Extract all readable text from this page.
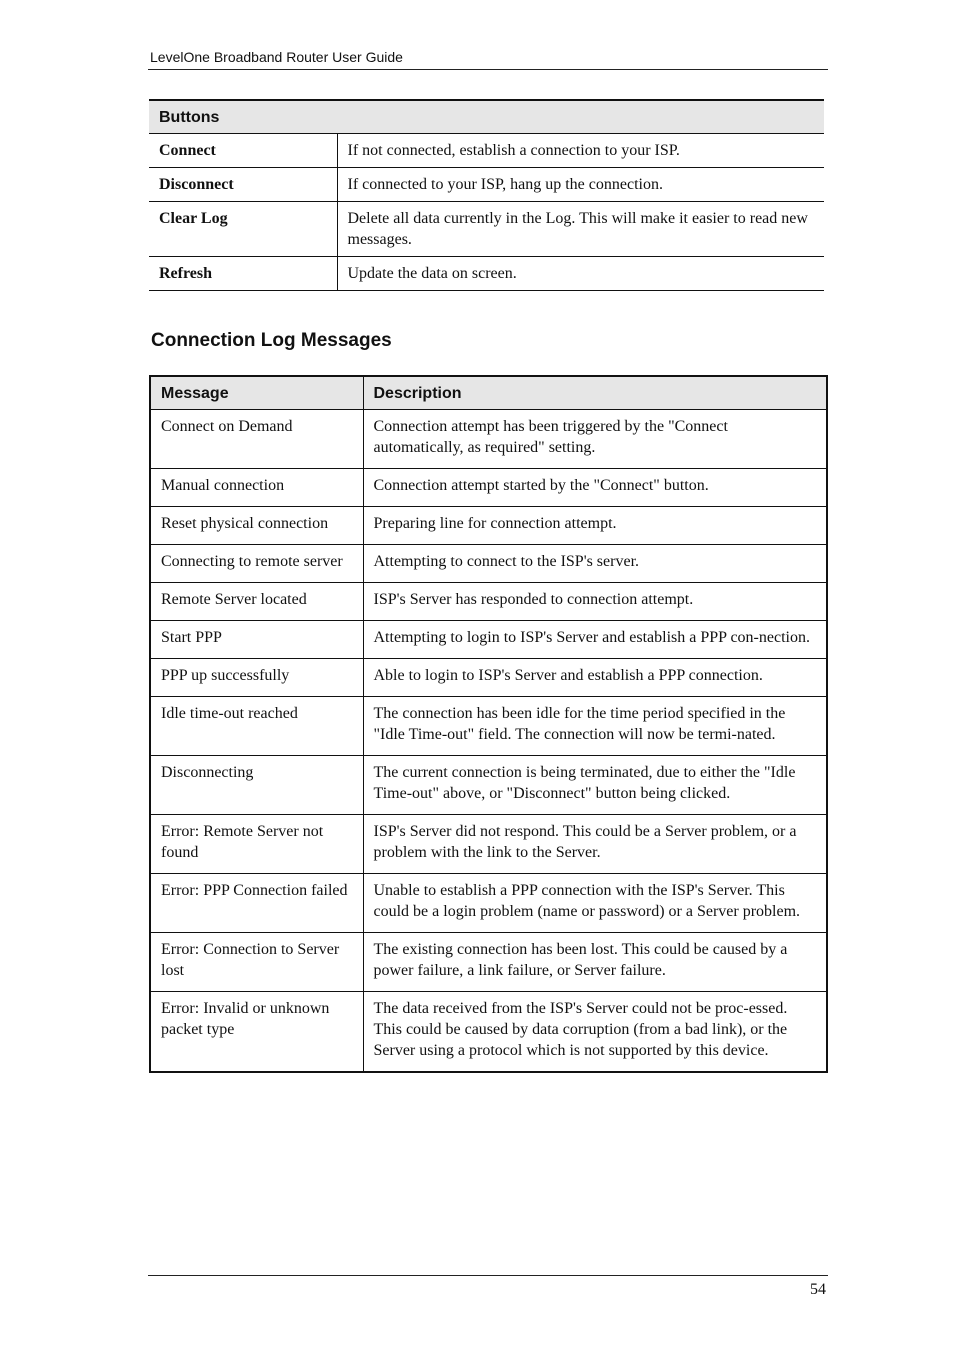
LevelOne Broadband Router User Guide
Buttons	
Connect	If not connected, establish a connection to your ISP.
Disconnect	If connected to your ISP, hang up the connection.
Clear Log	Delete all data currently in the Log. This will make it easier to read new messages.
Refresh	Update the data on screen.
Connection Log Messages
Message	Description
Connect on Demand	Connection attempt has been triggered by the "Connect automatically, as required" setting.
Manual connection	Connection attempt started by the "Connect" button.
Reset physical connection	Preparing line for connection attempt.
Connecting to remote server	Attempting to connect to the ISP's server.
Remote Server located	ISP's Server has responded to connection attempt.
Start PPP	Attempting to login to ISP's Server and establish a PPP con-nection.
PPP up successfully	Able to login to ISP's Server and establish a PPP connection.
Idle time-out reached	The connection has been idle for the time period specified in the "Idle Time-out" field. The connection will now be termi-nated.
Disconnecting	The current connection is being terminated, due to either the "Idle Time-out" above, or "Disconnect" button being clicked.
Error: Remote Server not found	ISP's Server did not respond. This could be a Server problem, or a problem with the link to the Server.
Error: PPP Connection failed	Unable to establish a PPP connection with the ISP's Server. This could be a login problem (name or password) or a Server problem.
Error: Connection to Server lost	The existing connection has been lost. This could be caused by a power failure, a link failure, or Server failure.
Error: Invalid or unknown packet type	The data received from the ISP's Server could not be proc-essed. This could be caused by data corruption (from a bad link), or the Server using a protocol which is not supported by this device.
54
